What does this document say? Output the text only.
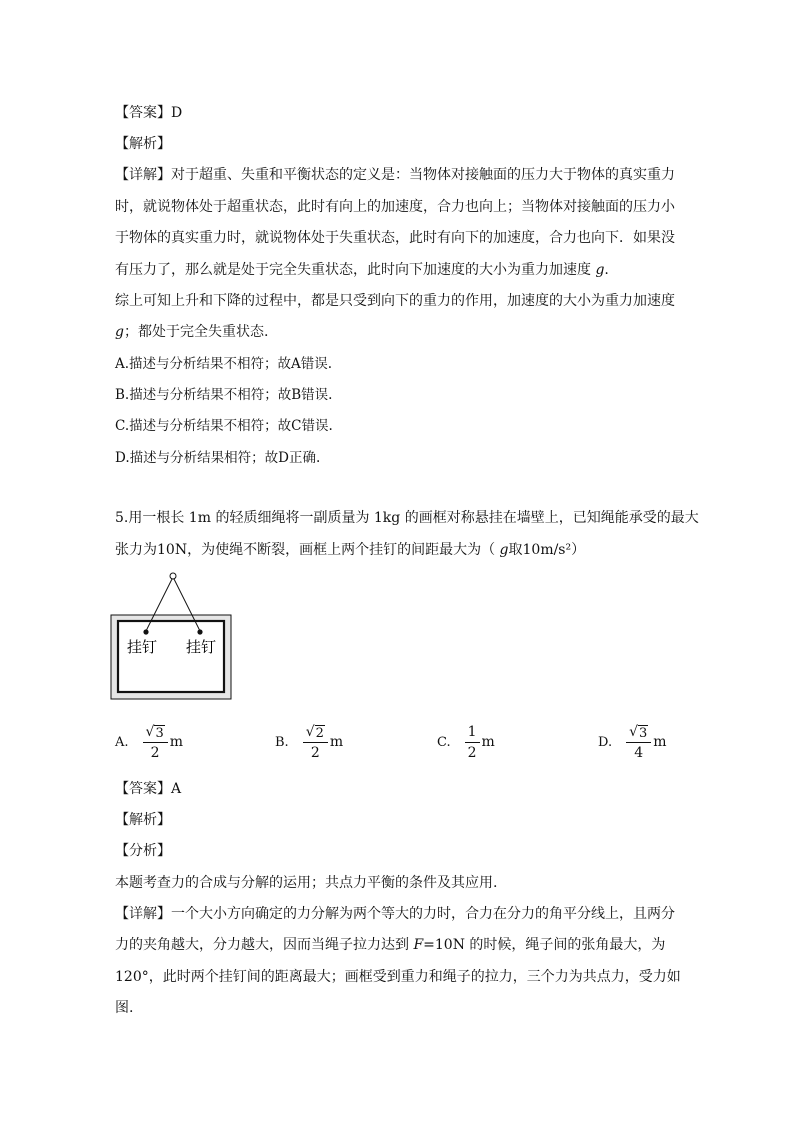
【答案】D
【解析】
【详解】对于超重、失重和平衡状态的定义是：当物体对接触面的压力大于物体的真实重力
时，就说物体处于超重状态，此时有向上的加速度，合力也向上；当物体对接触面的压力小
于物体的真实重力时，就说物体处于失重状态，此时有向下的加速度，合力也向下．如果没
有压力了，那么就是处于完全失重状态，此时向下加速度的大小为重力加速度 g.
综上可知上升和下降的过程中，都是只受到向下的重力的作用，加速度的大小为重力加速度
g；都处于完全失重状态.
A.描述与分析结果不相符；故A错误.
B.描述与分析结果不相符；故B错误.
C.描述与分析结果不相符；故C错误.
D.描述与分析结果相符；故D正确.
5.用一根长 1m 的轻质细绳将一副质量为 1kg 的画框对称悬挂在墙壁上，已知绳能承受的最大
张力为10N，为使绳不断裂，画框上两个挂钉的间距最大为（ g取10m/s²）
挂钉 挂钉
A. $\frac{√ 3}{2}$ m	B. $\frac{√ 2}{2}$ m	C. $\frac{1}{2}$ m	D. $\frac{√ 3}{4}$ m
【答案】A
【解析】
【分析】
本题考查力的合成与分解的运用；共点力平衡的条件及其应用.
【详解】一个大小方向确定的力分解为两个等大的力时，合力在分力的角平分线上，且两分
力的夹角越大，分力越大，因而当绳子拉力达到 F=10N 的时候，绳子间的张角最大，为
120°，此时两个挂钉间的距离最大；画框受到重力和绳子的拉力，三个力为共点力，受力如
图.
